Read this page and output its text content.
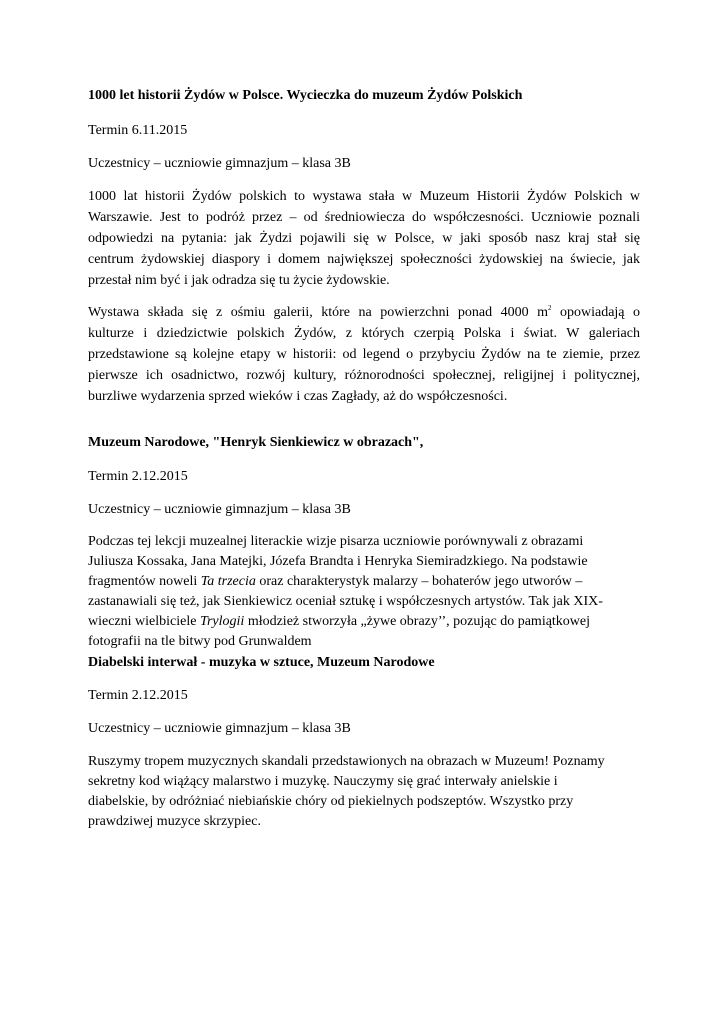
1000 let historii Żydów w Polsce. Wycieczka do muzeum Żydów Polskich
Termin 6.11.2015
Uczestnicy – uczniowie gimnazjum – klasa 3B
1000 lat historii Żydów polskich to wystawa stała w Muzeum Historii Żydów Polskich w
Warszawie. Jest to podróż przez – od średniowiecza do współczesności. Uczniowie poznali
odpowiedzi na pytania: jak Żydzi pojawili się w Polsce, w jaki sposób nasz kraj stał się
centrum żydowskiej diaspory i domem największej społeczności żydowskiej na świecie, jak
przestał nim być i jak odradza się tu życie żydowskie.
Wystawa składa się z ośmiu galerii, które na powierzchni ponad 4000 $m^2$ opowiadają o
kulturze i dziedzictwie polskich Żydów, z których czerpią Polska i świat. W galeriach
przedstawione są kolejne etapy w historii: od legend o przybyciu Żydów na te ziemie, przez
pierwsze ich osadnictwo, rozwój kultury, różnorodności społecznej, religijnej i politycznej,
burzliwe wydarzenia sprzed wieków i czas Zagłady, aż do współczesności.
Muzeum Narodowe, "Henryk Sienkiewicz w obrazach",
Termin 2.12.2015
Uczestnicy – uczniowie gimnazjum – klasa 3B
Podczas tej lekcji muzealnej literackie wizje pisarza uczniowie porównywali z obrazami
Juliusza Kossaka, Jana Matejki, Józefa Brandta i Henryka Siemiradzkiego. Na podstawie
fragmentów noweli Ta trzecia oraz charakterystyk malarzy – bohaterów jego utworów –
zastanawiali się też, jak Sienkiewicz oceniał sztukę i współczesnych artystów. Tak jak XIX-
wieczni wielbiciele Trylogii młodzież stworzyła „żywe obrazy’’, pozując do pamiątkowej
fotografii na tle bitwy pod Grunwaldem
Diabelski interwał - muzyka w sztuce, Muzeum Narodowe
Termin 2.12.2015
Uczestnicy – uczniowie gimnazjum – klasa 3B
Ruszymy tropem muzycznych skandali przedstawionych na obrazach w Muzeum! Poznamy
sekretny kod wiążący malarstwo i muzykę. Nauczymy się grać interwały anielskie i
diabelskie, by odróżniać niebiańskie chóry od piekielnych podszeptów. Wszystko przy
prawdziwej muzyce skrzypiec.
